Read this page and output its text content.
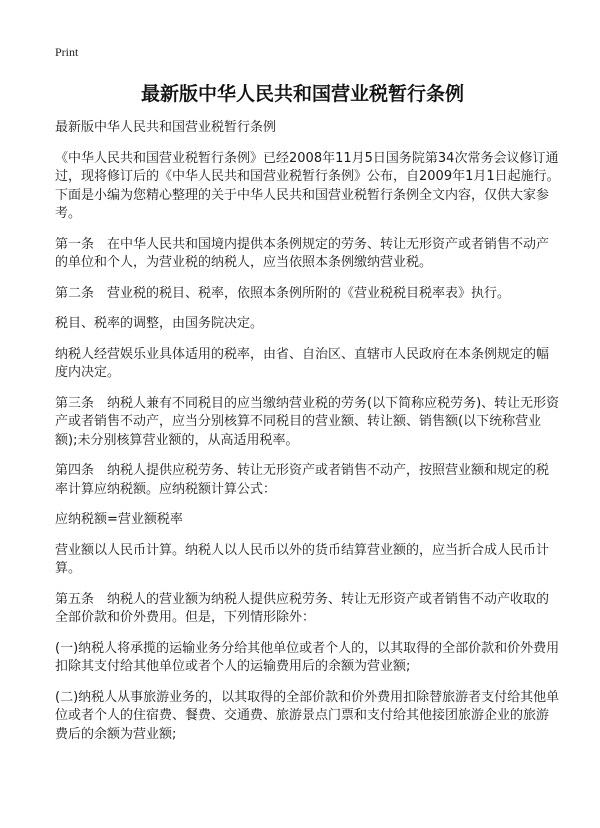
Print
最新版中华人民共和国营业税暂行条例

最新版中华人民共和国营业税暂行条例

《中华人民共和国营业税暂行条例》已经2008年11月5日国务院第34次常务会议修订通过，现将修订后的《中华人民共和国营业税暂行条例》公布，自2009年1月1日起施行。下面是小编为您精心整理的关于中华人民共和国营业税暂行条例全文内容，仅供大家参考。

第一条　在中华人民共和国境内提供本条例规定的劳务、转让无形资产或者销售不动产的单位和个人，为营业税的纳税人，应当依照本条例缴纳营业税。

第二条　营业税的税目、税率，依照本条例所附的《营业税税目税率表》执行。

税目、税率的调整，由国务院决定。

纳税人经营娱乐业具体适用的税率，由省、自治区、直辖市人民政府在本条例规定的幅度内决定。

第三条　纳税人兼有不同税目的应当缴纳营业税的劳务(以下简称应税劳务)、转让无形资产或者销售不动产，应当分别核算不同税目的营业额、转让额、销售额(以下统称营业额);未分别核算营业额的，从高适用税率。

第四条　纳税人提供应税劳务、转让无形资产或者销售不动产，按照营业额和规定的税率计算应纳税额。应纳税额计算公式：

应纳税额=营业额税率

营业额以人民币计算。纳税人以人民币以外的货币结算营业额的，应当折合成人民币计算。

第五条　纳税人的营业额为纳税人提供应税劳务、转让无形资产或者销售不动产收取的全部价款和价外费用。但是，下列情形除外：

(一)纳税人将承揽的运输业务分给其他单位或者个人的，以其取得的全部价款和价外费用扣除其支付给其他单位或者个人的运输费用后的余额为营业额;

(二)纳税人从事旅游业务的，以其取得的全部价款和价外费用扣除替旅游者支付给其他单位或者个人的住宿费、餐费、交通费、旅游景点门票和支付给其他接团旅游企业的旅游费后的余额为营业额;
